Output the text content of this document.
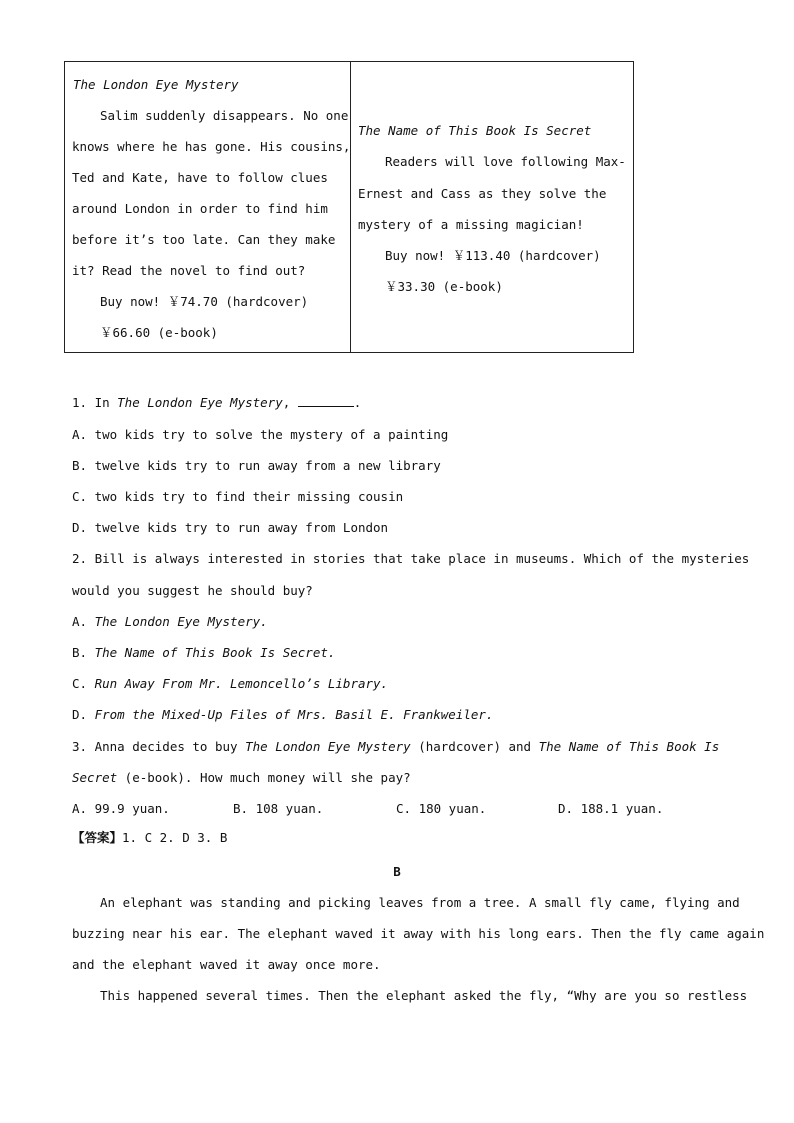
The London Eye Mystery
Salim suddenly disappears. No one
knows where he has gone. His cousins,
Ted and Kate, have to follow clues
around London in order to find him
before it’s too late. Can they make
it? Read the novel to find out?
Buy now! ￥74.70 (hardcover)
￥66.60 (e-book)
The Name of This Book Is Secret
Readers will love following Max-
Ernest and Cass as they solve the
mystery of a missing magician!
Buy now! ￥113.40 (hardcover)
￥33.30 (e-book)
1. In The London Eye Mystery,	.
A. two kids try to solve the mystery of a painting
B. twelve kids try to run away from a new library
C. two kids try to find their missing cousin
D. twelve kids try to run away from London
2. Bill is always interested in stories that take place in museums. Which of the mysteries
would you suggest he should buy?
A. The London Eye Mystery.
B. The Name of This Book Is Secret.
C. Run Away From Mr. Lemoncello’s Library.
D. From the Mixed-Up Files of Mrs. Basil E. Frankweiler.
3. Anna decides to buy The London Eye Mystery (hardcover) and The Name of This Book Is
Secret (e-book). How much money will she pay?
A. 99.9 yuan.	B. 108 yuan.	C. 180 yuan.	D. 188.1 yuan.
【答案】1. C 2. D 3. B
B
An elephant was standing and picking leaves from a tree. A small fly came, flying and
buzzing near his ear. The elephant waved it away with his long ears. Then the fly came again
and the elephant waved it away once more.
This happened several times. Then the elephant asked the fly, “Why are you so restless
